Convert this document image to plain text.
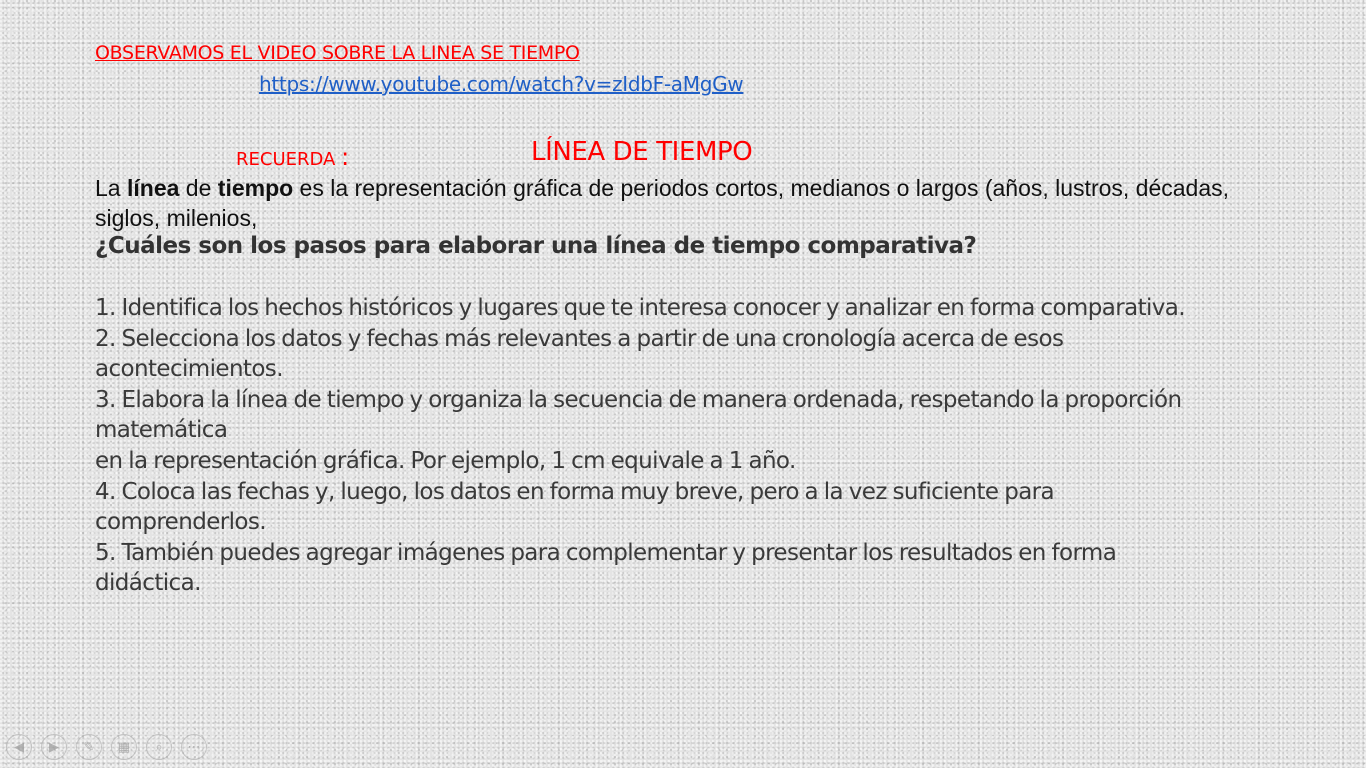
OBSERVAMOS EL VIDEO SOBRE LA LINEA SE TIEMPO
https://www.youtube.com/watch?v=zIdbF-aMgGw
RECUERDA :	LÍNEA DE TIEMPO
La línea de tiempo es la representación gráfica de periodos cortos, medianos o largos (años, lustros, décadas, siglos, milenios,
¿Cuáles son los pasos para elaborar una línea de tiempo comparativa?
1. Identifica los hechos históricos y lugares que te interesa conocer y analizar en forma comparativa.
2. Selecciona los datos y fechas más relevantes a partir de una cronología acerca de esos
acontecimientos.
3. Elabora la línea de tiempo y organiza la secuencia de manera ordenada, respetando la proporción
matemática
en la representación gráfica. Por ejemplo, 1 cm equivale a 1 año.
4. Coloca las fechas y, luego, los datos en forma muy breve, pero a la vez suficiente para
comprenderlos.
5. También puedes agregar imágenes para complementar y presentar los resultados en forma
didáctica.
◀	▶	✎	▦	⌕	⋯
